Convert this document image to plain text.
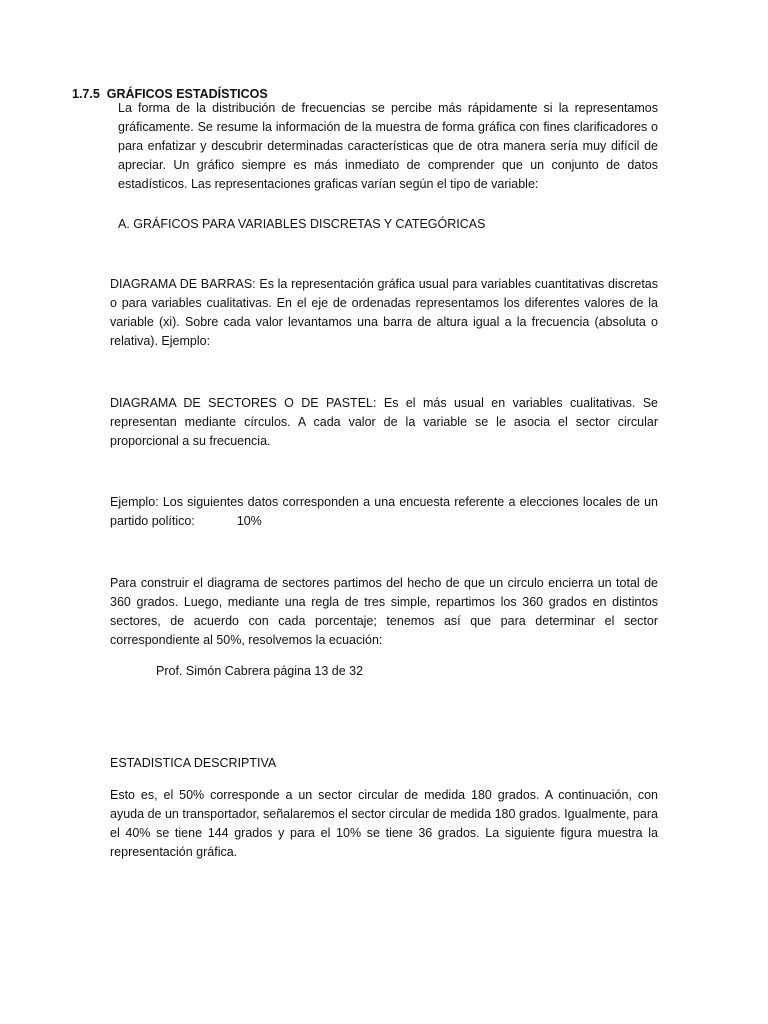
1.7.5 GRÁFICOS ESTADÍSTICOS

La forma de la distribución de frecuencias se percibe más rápidamente si la representamos gráficamente. Se resume la información de la muestra de forma gráfica con fines clarificadores o para enfatizar y descubrir determinadas características que de otra manera sería muy difícil de apreciar. Un gráfico siempre es más inmediato de comprender que un conjunto de datos estadísticos. Las representaciones graficas varían según el tipo de variable:

A. GRÁFICOS PARA VARIABLES DISCRETAS Y CATEGÓRICAS

DIAGRAMA DE BARRAS: Es la representación gráfica usual para variables cuantitativas discretas o para variables cualitativas. En el eje de ordenadas representamos los diferentes valores de la variable (xi). Sobre cada valor levantamos una barra de altura igual a la frecuencia (absoluta o relativa). Ejemplo:

DIAGRAMA DE SECTORES O DE PASTEL: Es el más usual en variables cualitativas. Se representan mediante círculos. A cada valor de la variable se le asocia el sector circular proporcional a su frecuencia.

Ejemplo: Los siguientes datos corresponden a una encuesta referente a elecciones locales de un partido político:	10%

Para construir el diagrama de sectores partimos del hecho de que un circulo encierra un total de 360 grados. Luego, mediante una regla de tres simple, repartimos los 360 grados en distintos sectores, de acuerdo con cada porcentaje; tenemos así que para determinar el sector correspondiente al 50%, resolvemos la ecuación:

Prof. Simón Cabrera página 13 de 32

ESTADISTICA DESCRIPTIVA

Esto es, el 50% corresponde a un sector circular de medida 180 grados. A continuación, con ayuda de un transportador, señalaremos el sector circular de medida 180 grados. Igualmente, para el 40% se tiene 144 grados y para el 10% se tiene 36 grados. La siguiente figura muestra la representación gráfica.
